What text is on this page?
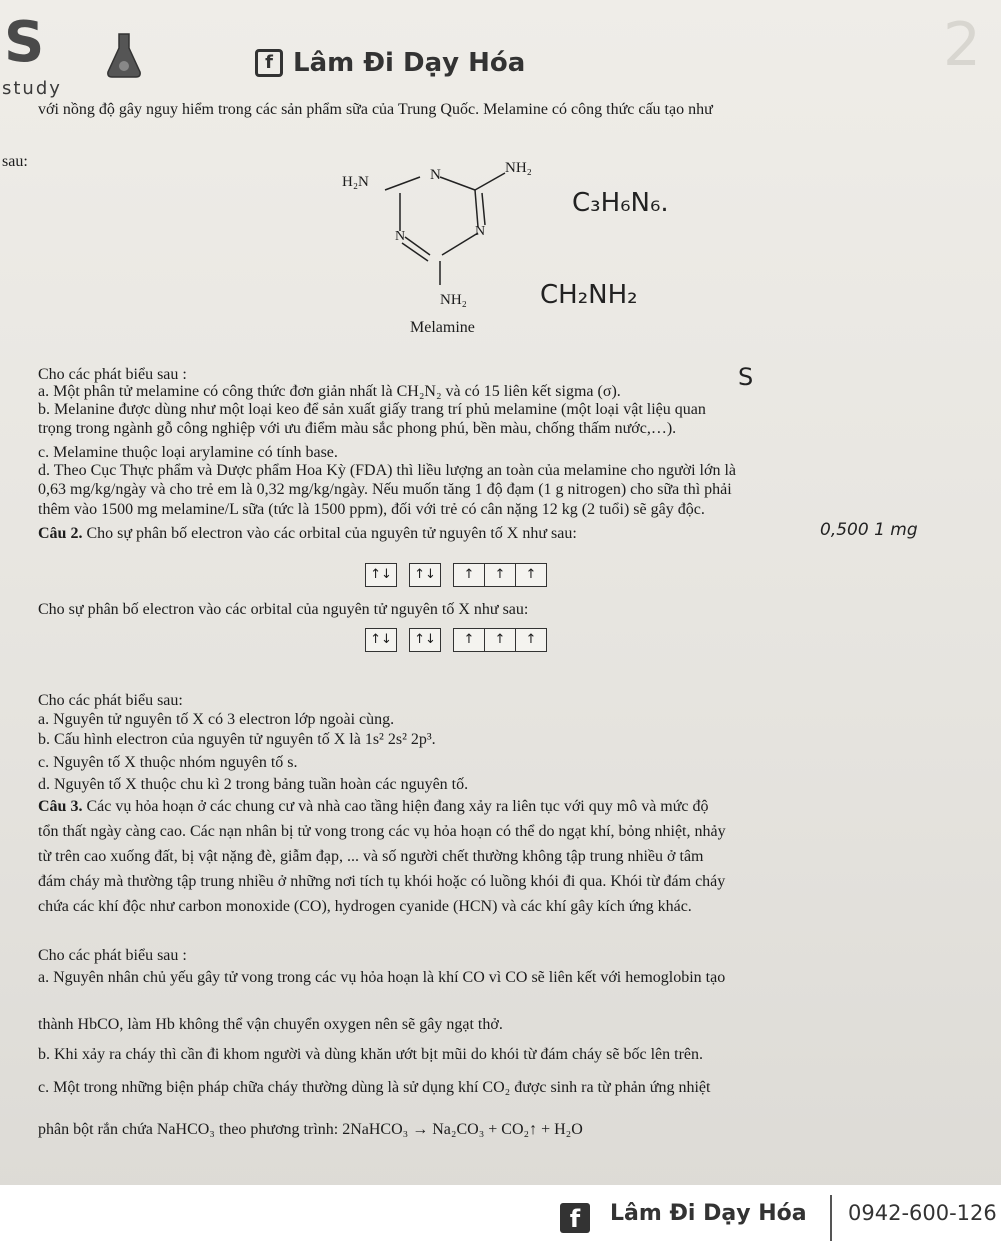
S
study
f Lâm Đi Dạy Hóa	2

với nồng độ gây nguy hiểm trong các sản phẩm sữa của Trung Quốc. Melamine có công thức cấu tạo như

sau:

H₂N	N	NH₂

N	N

NH₂

Melamine

C₃H₆N₆.
CH₂NH₂

Cho các phát biểu sau :

a. Một phân tử melamine có công thức đơn giản nhất là CH₂N₂ và có 15 liên kết sigma (σ).

S

b. Melanine được dùng như một loại keo để sản xuất giấy trang trí phủ melamine (một loại vật liệu quan

trọng trong ngành gỗ công nghiệp với ưu điểm màu sắc phong phú, bền màu, chống thấm nước,…).

c. Melamine thuộc loại arylamine có tính base.

d. Theo Cục Thực phẩm và Dược phẩm Hoa Kỳ (FDA) thì liều lượng an toàn của melamine cho người lớn là

0,63 mg/kg/ngày và cho trẻ em là 0,32 mg/kg/ngày. Nếu muốn tăng 1 độ đạm (1 g nitrogen) cho sữa thì phải

thêm vào 1500 mg melamine/L sữa (tức là 1500 ppm), đối với trẻ có cân nặng 12 kg (2 tuổi) sẽ gây độc.

0,500 1 mg

Câu 2. Cho sự phân bố electron vào các orbital của nguyên tử nguyên tố X như sau:

↑↓	↑↓	↑	↑	↑

Cho sự phân bố electron vào các orbital của nguyên tử nguyên tố X như sau:

↑↓	↑↓	↑	↑	↑

Cho các phát biểu sau:

a. Nguyên tử nguyên tố X có 3 electron lớp ngoài cùng.

b. Cấu hình electron của nguyên tử nguyên tố X là 1s² 2s² 2p³.

c. Nguyên tố X thuộc nhóm nguyên tố s.

d. Nguyên tố X thuộc chu kì 2 trong bảng tuần hoàn các nguyên tố.

Câu 3. Các vụ hỏa hoạn ở các chung cư và nhà cao tầng hiện đang xảy ra liên tục với quy mô và mức độ

tổn thất ngày càng cao. Các nạn nhân bị tử vong trong các vụ hỏa hoạn có thể do ngạt khí, bỏng nhiệt, nhảy

từ trên cao xuống đất, bị vật nặng đè, giẫm đạp, ... và số người chết thường không tập trung nhiều ở tâm

đám cháy mà thường tập trung nhiều ở những nơi tích tụ khói hoặc có luồng khói đi qua. Khói từ đám cháy

chứa các khí độc như carbon monoxide (CO), hydrogen cyanide (HCN) và các khí gây kích ứng khác.

Cho các phát biểu sau :

a. Nguyên nhân chủ yếu gây tử vong trong các vụ hỏa hoạn là khí CO vì CO sẽ liên kết với hemoglobin tạo

thành HbCO, làm Hb không thể vận chuyển oxygen nên sẽ gây ngạt thở.

b. Khi xảy ra cháy thì cần đi khom người và dùng khăn ướt bịt mũi do khói từ đám cháy sẽ bốc lên trên.

c. Một trong những biện pháp chữa cháy thường dùng là sử dụng khí CO₂ được sinh ra từ phản ứng nhiệt

phân bột rắn chứa NaHCO₃ theo phương trình: 2NaHCO₃ → Na₂CO₃ + CO₂↑ + H₂O

f	Lâm Đi Dạy Hóa 0942-600-126
